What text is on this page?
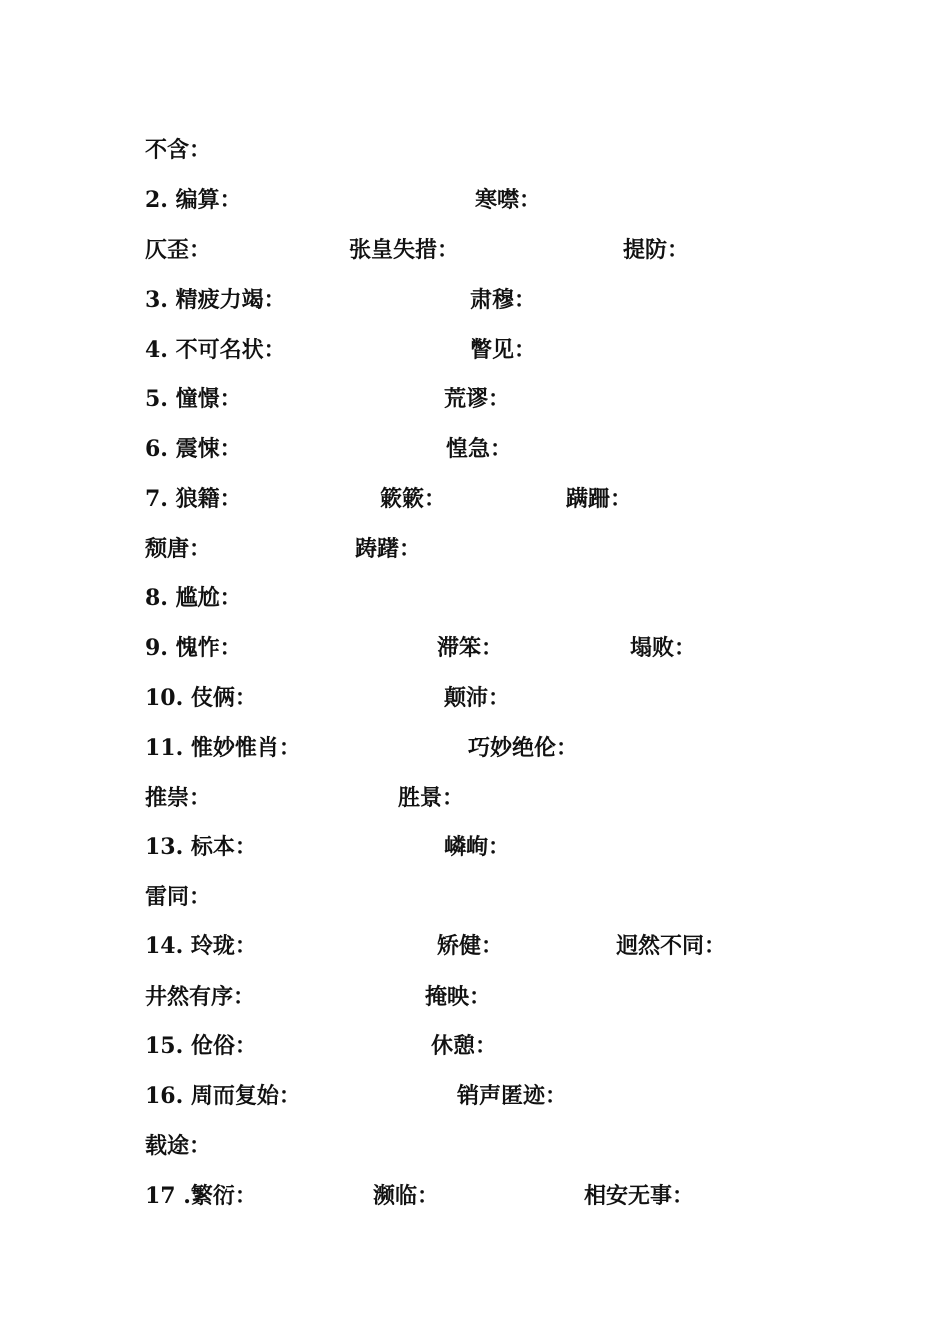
不含：
2. 编算：	寒噤：
仄歪：	张皇失措：	提防：
3. 精疲力竭：	肃穆：
4. 不可名状：	瞥见：
5. 憧憬：	荒谬：
6. 震悚：	惶急：
7. 狼籍：	簌簌：	蹒跚：
颓唐：	踌躇：
8. 尴尬：
9. 愧怍：	滞笨：	塌败：
10. 伎俩：	颠沛：
11. 惟妙惟肖：	巧妙绝伦：
推崇：	胜景：
13. 标本：	嶙峋：
雷同：
14. 玲珑：	矫健：	迥然不同：
井然有序：	掩映：
15. 伧俗：	休憩：
16. 周而复始：	销声匿迹：
载途：
17 .繁衍：	濒临：	相安无事：
